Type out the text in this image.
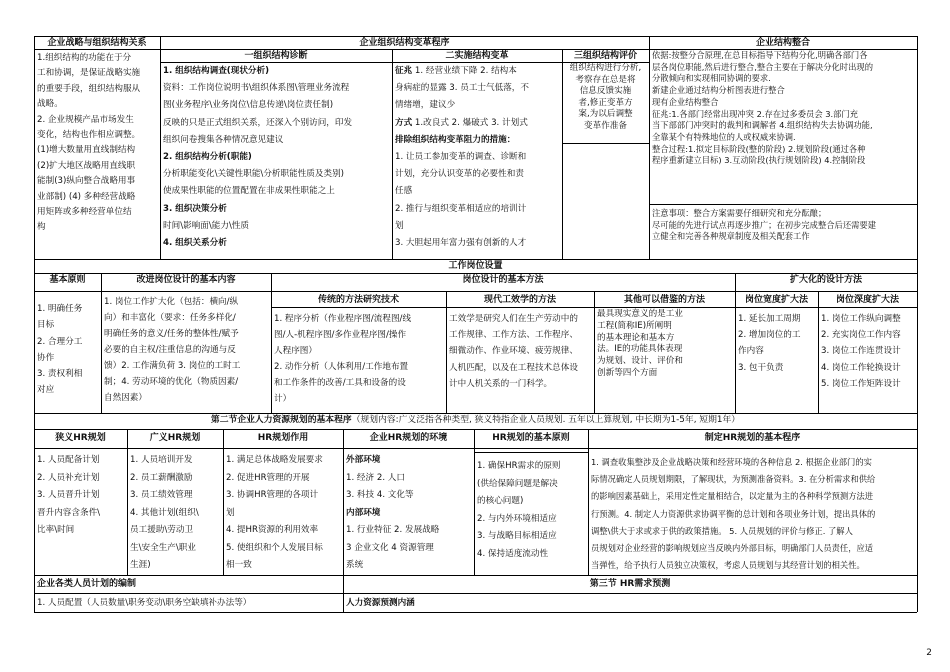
企业战略与组织结构关系
1.组织结构的功能在于分
工和协调，是保证战略实施
的重要手段，组织结构服从
战略。
2. 企业规模产品市场发生
变化，结构也作相应调整。
(1)增大数量用直线制结构
(2)扩大地区战略用直线职
能制(3)纵向整合战略用事
业部制) (4) 多种经营战略
用矩阵或多种经营单位结
构
企业组织结构变革程序
一组织结构诊断
1. 组织结构调查(现状分析)
资料：工作岗位说明书\组织体系图\管理业务流程
图(业务程序\业务岗位\信息传递\岗位责任制)
反映的只是正式组织关系，还深入个别访问，印发
组织问卷搜集各种情况意见建议
2. 组织结构分析(职能)
分析职能变化\关键性职能\分析职能性质及类别)
使成果性职能的位置配置在非成果性职能之上
3. 组织决策分析
时间\影响面\能力\性质
4. 组织关系分析
二实施结构变革
征兆 1. 经营业绩下降 2. 结构本
身病症的显露 3. 员工士气低落，不
情绪增，建议少
方式 1.改良式 2. 爆破式 3. 计划式
排除组织结构变革阻力的措施：
1. 让员工参加变革的调查、诊断和
计划，充分认识变革的必要性和责
任感
2. 推行与组织变革相适应的培训计
划
3. 大胆起用年富力强有创新的人才
三组织结构评价
组织结构进行分析,
考察存在总是将
信息反馈实施
者,修正变革方
案,为以后调整
变革作准备
企业结构整合
依据:按整分合原理,在总目标指导下结构分化,明确各部门各
层各岗位职能,然后进行整合,整合主要在于解决分化时出现的
分散倾向和实现相同协调的要求.
新建企业通过结构分析图表进行整合
现有企业结构整合
征兆:1.各部门经常出现冲突 2.存在过多委员会 3.部门充
当下部部门冲突时的裁判和调解者 4.组织结构失去协调功能,
全靠某个有特殊地位的人或权威来协调.
整合过程:1.拟定目标阶段(整的阶段) 2.规划阶段(通过各种
程序重新建立目标) 3.互动阶段(执行规划阶段) 4.控制阶段
注意事项：整合方案需要仔细研究和充分酝酿；
尽可能的先进行试点再逐步推广；在初步完成整合后还需要建
立健全和完善各种规章制度及相关配套工作
工作岗位设置
基本原则
1. 明确任务
目标
2. 合理分工
协作
3. 责权利相
对应
改进岗位设计的基本内容
1. 岗位工作扩大化（包括：横向/纵
向）和丰富化（要求：任务多样化/
明确任务的意义/任务的整体性/赋予
必要的自主权/注重信息的沟通与反
馈）2. 工作满负荷 3. 岗位的工时工
制；4. 劳动环境的优化（物质因素/
自然因素）
岗位设计的基本方法
传统的方法研究技术
1. 程序分析（作业程序图/流程图/线
图/人-机程序图/多作业程序图/操作
人程序图）
2. 动作分析（人体利用/工作地布置
和工作条件的改善/工具和设备的设
计）
现代工效学的方法
工效学是研究人们在生产劳动中的
工作规律、工作方法、工作程序、
细微动作、作业环境、疲劳规律、
人机匹配，以及在工程技术总体设
计中人机关系的一门科学。
其他可以借鉴的方法
最具现实意义的是工业
工程(简称IE)所阐明
的基本理论和基本方
法。IE的功能具体表现
为规划、设计、评价和
创新等四个方面
扩大化的设计方法
岗位宽度扩大法
1. 延长加工周期
2. 增加岗位的工
作内容
3. 包干负责
岗位深度扩大法
1. 岗位工作纵向调整
2. 充实岗位工作内容
3. 岗位工作连贯设计
4. 岗位工作轮换设计
5. 岗位工作矩阵设计
第二节企业人力资源规划的基本程序（规划内容:广义泛指各种类型, 狭义特指企业人员规划. 五年以上算规划, 中长期为1-5年, 短期1年）
狭义HR规划
1. 人员配备计划
2. 人员补充计划
3. 人员晋升计划
晋升内容含条件\
比率\时间
广义HR规划
1. 人员培训开发
2. 员工薪酬激励
3. 员工绩效管理
4. 其他计划(组织\
员工援助\劳动卫
生\安全生产\职业
生涯)
HR规划作用
1. 满足总体战略发展要求
2. 促进HR管理的开展
3. 协调HR管理的各项计
划
4. 提HR资源的利用效率
5. 使组织和个人发展目标
相一致
企业HR规划的环境
外部环境
1. 经济 2. 人口
3. 科技 4. 文化等
内部环境
1. 行业特征 2. 发展战略
3 企业文化 4 资源管理
系统
HR规划的基本原则
1. 确保HR需求的原则
(供给保障问题是解决
的核心问题)
2. 与内外环境相适应
3. 与战略目标相适应
4. 保持适度流动性
制定HR规划的基本程序
1. 调查收集整涉及企业战略决策和经营环境的各种信息 2. 根据企业部门的实
际情况确定人员规划期限，了解现状，为预测准备资料。3. 在分析需求和供给
的影响因素基础上，采用定性定量相结合，以定量为主的各种科学预测方法进
行预测。4. 制定人力资源供求协调平衡的总计划和各项业务计划，提出具体的
调整\供大于求或求于供的政策措施。 5. 人员规划的评价与修正. 了解人
员规划对企业经营的影响规划应当反映内外部目标，明确部门人员责任，应适
当弹性，给予执行人员独立决策权，考虑人员规划与其经营计划的相关性。
企业各类人员计划的编制
1. 人员配置（人员数量\职务变动\职务空缺填补办法等）
第三节 HR需求预测
人力资源预测内涵
2
